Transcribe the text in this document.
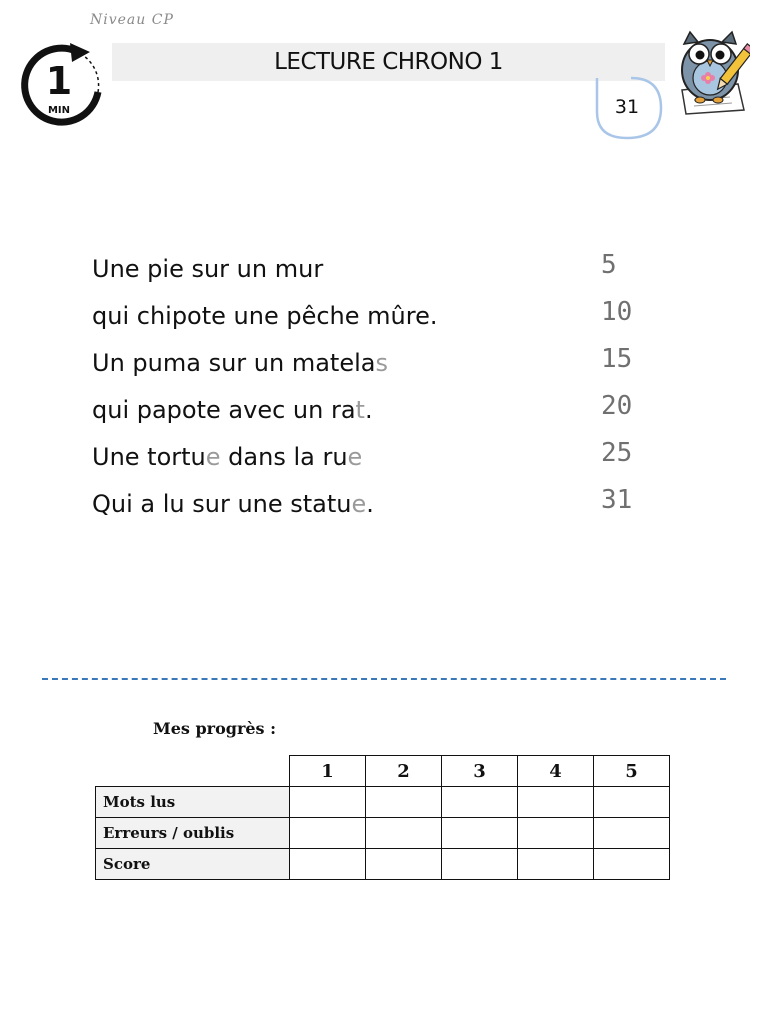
Niveau CP
1
MIN
LECTURE CHRONO 1
31
Une pie sur un mur	5
qui chipote une pêche mûre.	10
Un puma sur un matelas	15
qui papote avec un rat.	20
Une tortue dans la rue	25
Qui a lu sur une statue.	31
Mes progrès :
	1	2	3	4	5
Mots lus					
Erreurs / oublis					
Score					
